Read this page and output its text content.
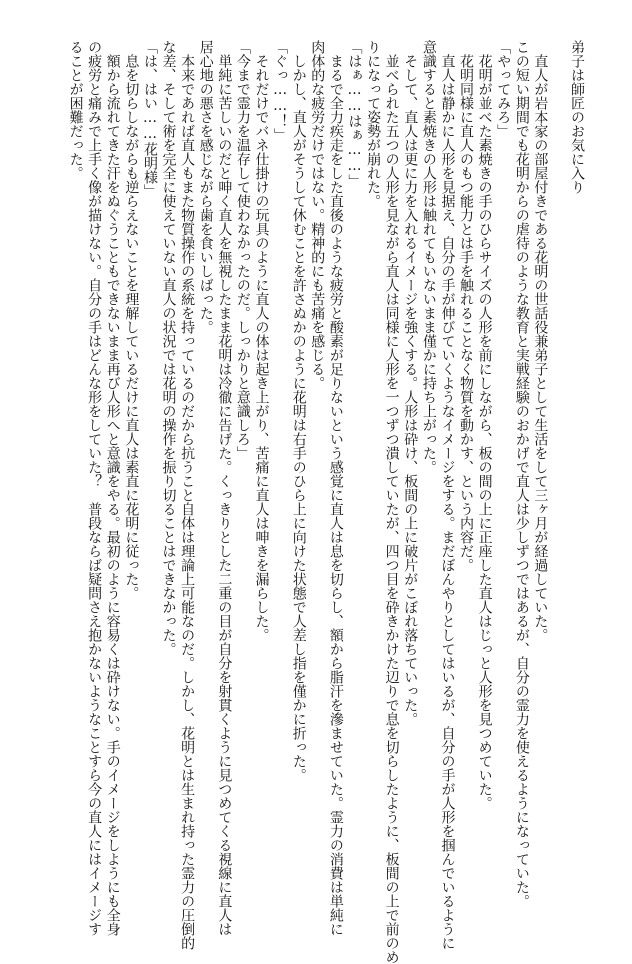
弟子は師匠のお気に入り

　直人が岩本家の部屋付きである花明の世話役兼弟子として生活をして三ヶ月が経過していた。

この短い期間でも花明からの虐待のような教育と実戦経験のおかげで直人は少しずつではあるが、自分の霊力を使えるようになっていた。

「やってみろ」

　花明が並べた素焼きの手のひらサイズの人形を前にしながら、板の間の上に正座した直人はじっと人形を見つめていた。

　花明同様に直人のもつ能力とは手を触れることなく物質を動かす、という内容だ。

　直人は静かに人形を見据え、自分の手が伸びていくようなイメージをする。まだぼんやりとしてはいるが、自分の手が人形を掴んでいるように

意識すると素焼きの人形は触れてもいないまま僅かに持ち上がった。

　そして、直人は更に力を入れるイメージを強くする。人形は砕け、板間の上に破片がこぼれ落ちていった。

　並べられた五つの人形を見ながら直人は同様に人形を一つずつ潰していたが、四つ目を砕きかけた辺りで息を切らしたように、板間の上で前のめ

りになって姿勢が崩れた。

「はぁ……はぁ……」

　まるで全力疾走をした直後のような疲労と酸素が足りないという感覚に直人は息を切らし、額から脂汗を滲ませていた。霊力の消費は単純に

肉体的な疲労だけではない。精神的にも苦痛を感じる。

　しかし、直人がそうして休むことを許さぬかのように花明は右手のひら上に向けた状態で人差し指を僅かに折った。

「ぐっ……！」

　それだけでバネ仕掛けの玩具のように直人の体は起き上がり、苦痛に直人は呻きを漏らした。

「今まで霊力を温存して使わなかったのだ。しっかりと意識しろ」

　単純に苦しいのだと呻く直人を無視したまま花明は冷徹に告げた。くっきりとした二重の目が自分を射貫くように見つめてくる視線に直人は

居心地の悪さを感じながら歯を食いしばった。

　本来であれば直人もまた物質操作の系統を持っているのだから抗うこと自体は理論上可能なのだ。しかし、花明とは生まれ持った霊力の圧倒的

な差、そして術を完全に使えていない直人の状況では花明の操作を振り切ることはできなかった。

「は、はい……花明様」

　息を切らしながらも逆らえないことを理解しているだけに直人は素直に花明に従った。

　額から流れてきた汗をぬぐうこともできないまま再び人形へと意識をやる。最初のように容易くは砕けない。手のイメージをしようにも全身

の疲労と痛みで上手く像が描けない。自分の手はどんな形をしていた？　普段ならば疑問さえ抱かないようなことすら今の直人にはイメージす

ることが困難だった。
